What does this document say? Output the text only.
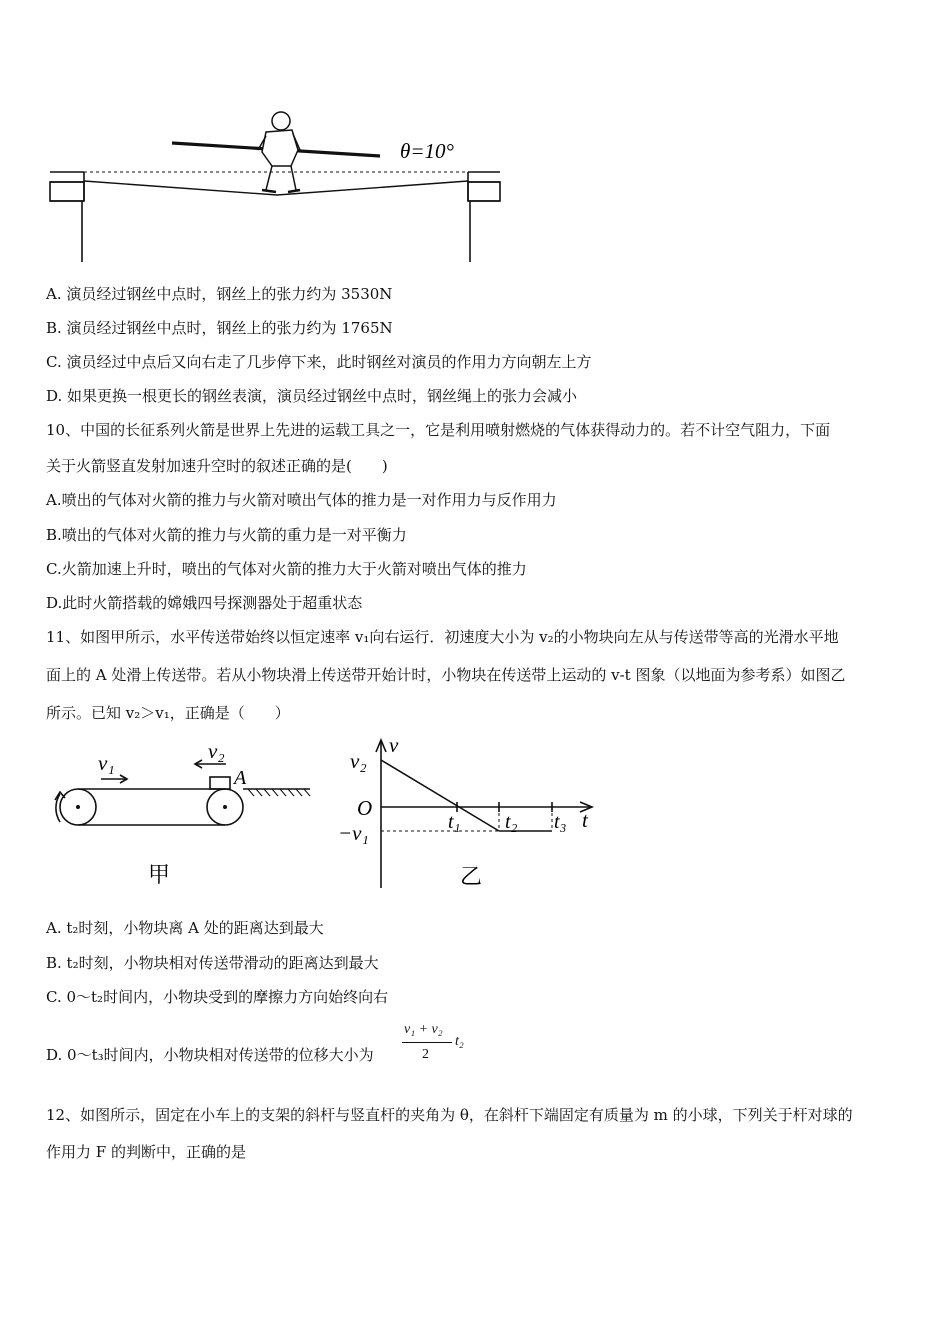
θ=10°
A. 演员经过钢丝中点时，钢丝上的张力约为 3530N
B. 演员经过钢丝中点时，钢丝上的张力约为 1765N
C. 演员经过中点后又向右走了几步停下来，此时钢丝对演员的作用力方向朝左上方
D. 如果更换一根更长的钢丝表演，演员经过钢丝中点时，钢丝绳上的张力会减小
10、中国的长征系列火箭是世界上先进的运载工具之一，它是利用喷射燃烧的气体获得动力的。若不计空气阻力，下面
关于火箭竖直发射加速升空时的叙述正确的是(　　)
A.喷出的气体对火箭的推力与火箭对喷出气体的推力是一对作用力与反作用力
B.喷出的气体对火箭的推力与火箭的重力是一对平衡力
C.火箭加速上升时，喷出的气体对火箭的推力大于火箭对喷出气体的推力
D.此时火箭搭载的嫦娥四号探测器处于超重状态
11、如图甲所示，水平传送带始终以恒定速率 v₁向右运行．初速度大小为 v₂的小物块向左从与传送带等高的光滑水平地
面上的 A 处滑上传送带。若从小物块滑上传送带开始计时，小物块在传送带上运动的 v-t 图象（以地面为参考系）如图乙
所示。已知 v₂＞v₁，正确是（　　）
v₁	v₂
A
甲
v
v₂
O
−v₁	t₁ t₂ t₃ t
乙
A. t₂时刻，小物块离 A 处的距离达到最大
B. t₂时刻，小物块相对传送带滑动的距离达到最大
C. 0～t₂时间内，小物块受到的摩擦力方向始终向右
D. 0～t₃时间内，小物块相对传送带的位移大小为
v₁ + v₂
2
t₂
12、如图所示，固定在小车上的支架的斜杆与竖直杆的夹角为 θ，在斜杆下端固定有质量为 m 的小球，下列关于杆对球的
作用力 F 的判断中，正确的是
